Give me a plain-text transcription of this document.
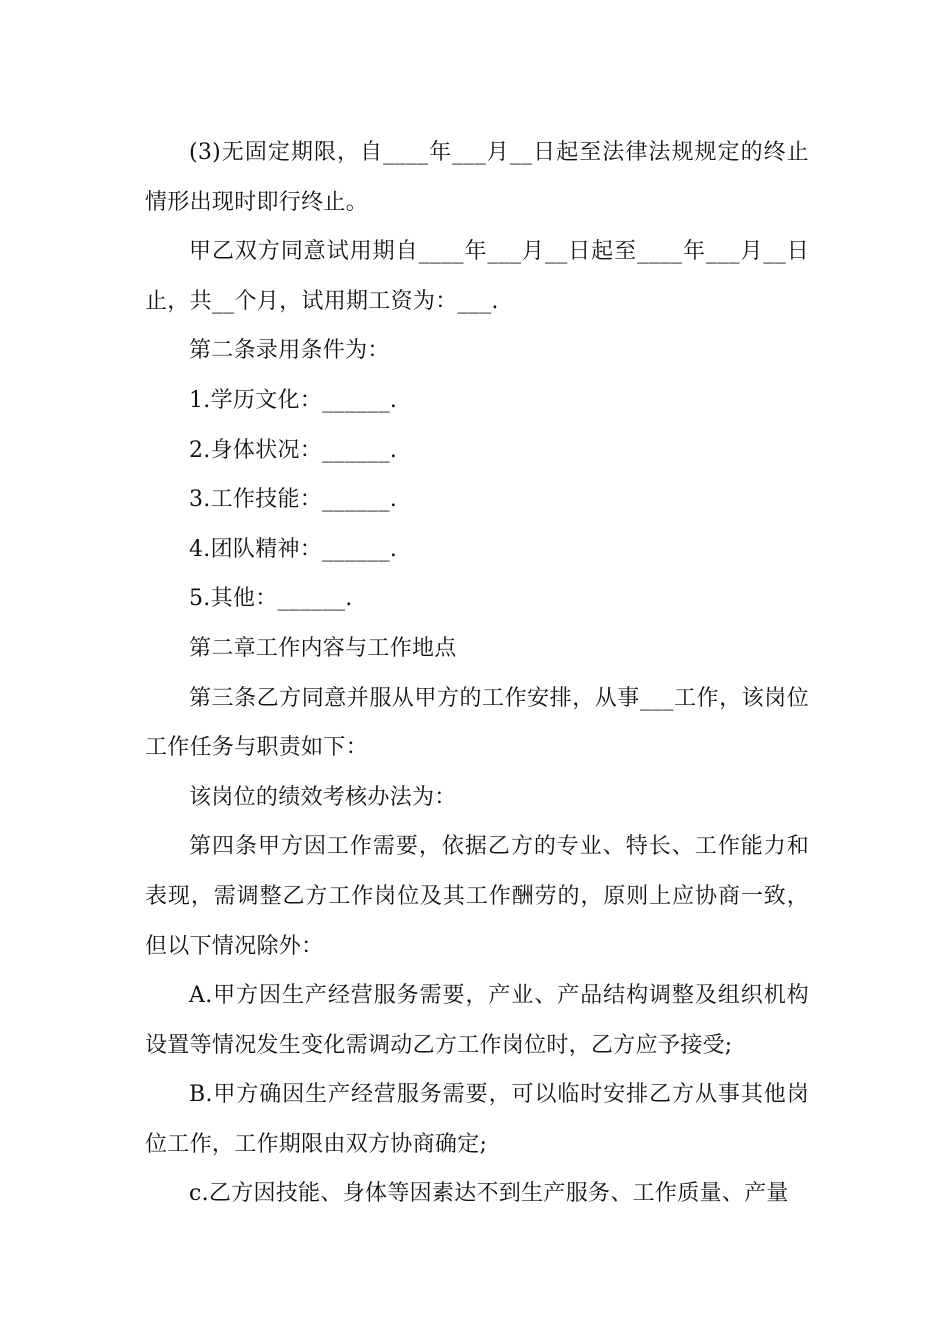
(3)无固定期限，自____年___月__日起至法律法规规定的终止情形出现时即行终止。

甲乙双方同意试用期自____年___月__日起至____年___月__日止，共__个月，试用期工资为：___.

第二条录用条件为：

1.学历文化：______.

2.身体状况：______.

3.工作技能：______.

4.团队精神：______.

5.其他：______.

第二章工作内容与工作地点

第三条乙方同意并服从甲方的工作安排，从事___工作，该岗位工作任务与职责如下：

该岗位的绩效考核办法为：

第四条甲方因工作需要，依据乙方的专业、特长、工作能力和表现，需调整乙方工作岗位及其工作酬劳的，原则上应协商一致，但以下情况除外：

A.甲方因生产经营服务需要，产业、产品结构调整及组织机构设置等情况发生变化需调动乙方工作岗位时，乙方应予接受;

B.甲方确因生产经营服务需要，可以临时安排乙方从事其他岗位工作，工作期限由双方协商确定;

c.乙方因技能、身体等因素达不到生产服务、工作质量、产量
